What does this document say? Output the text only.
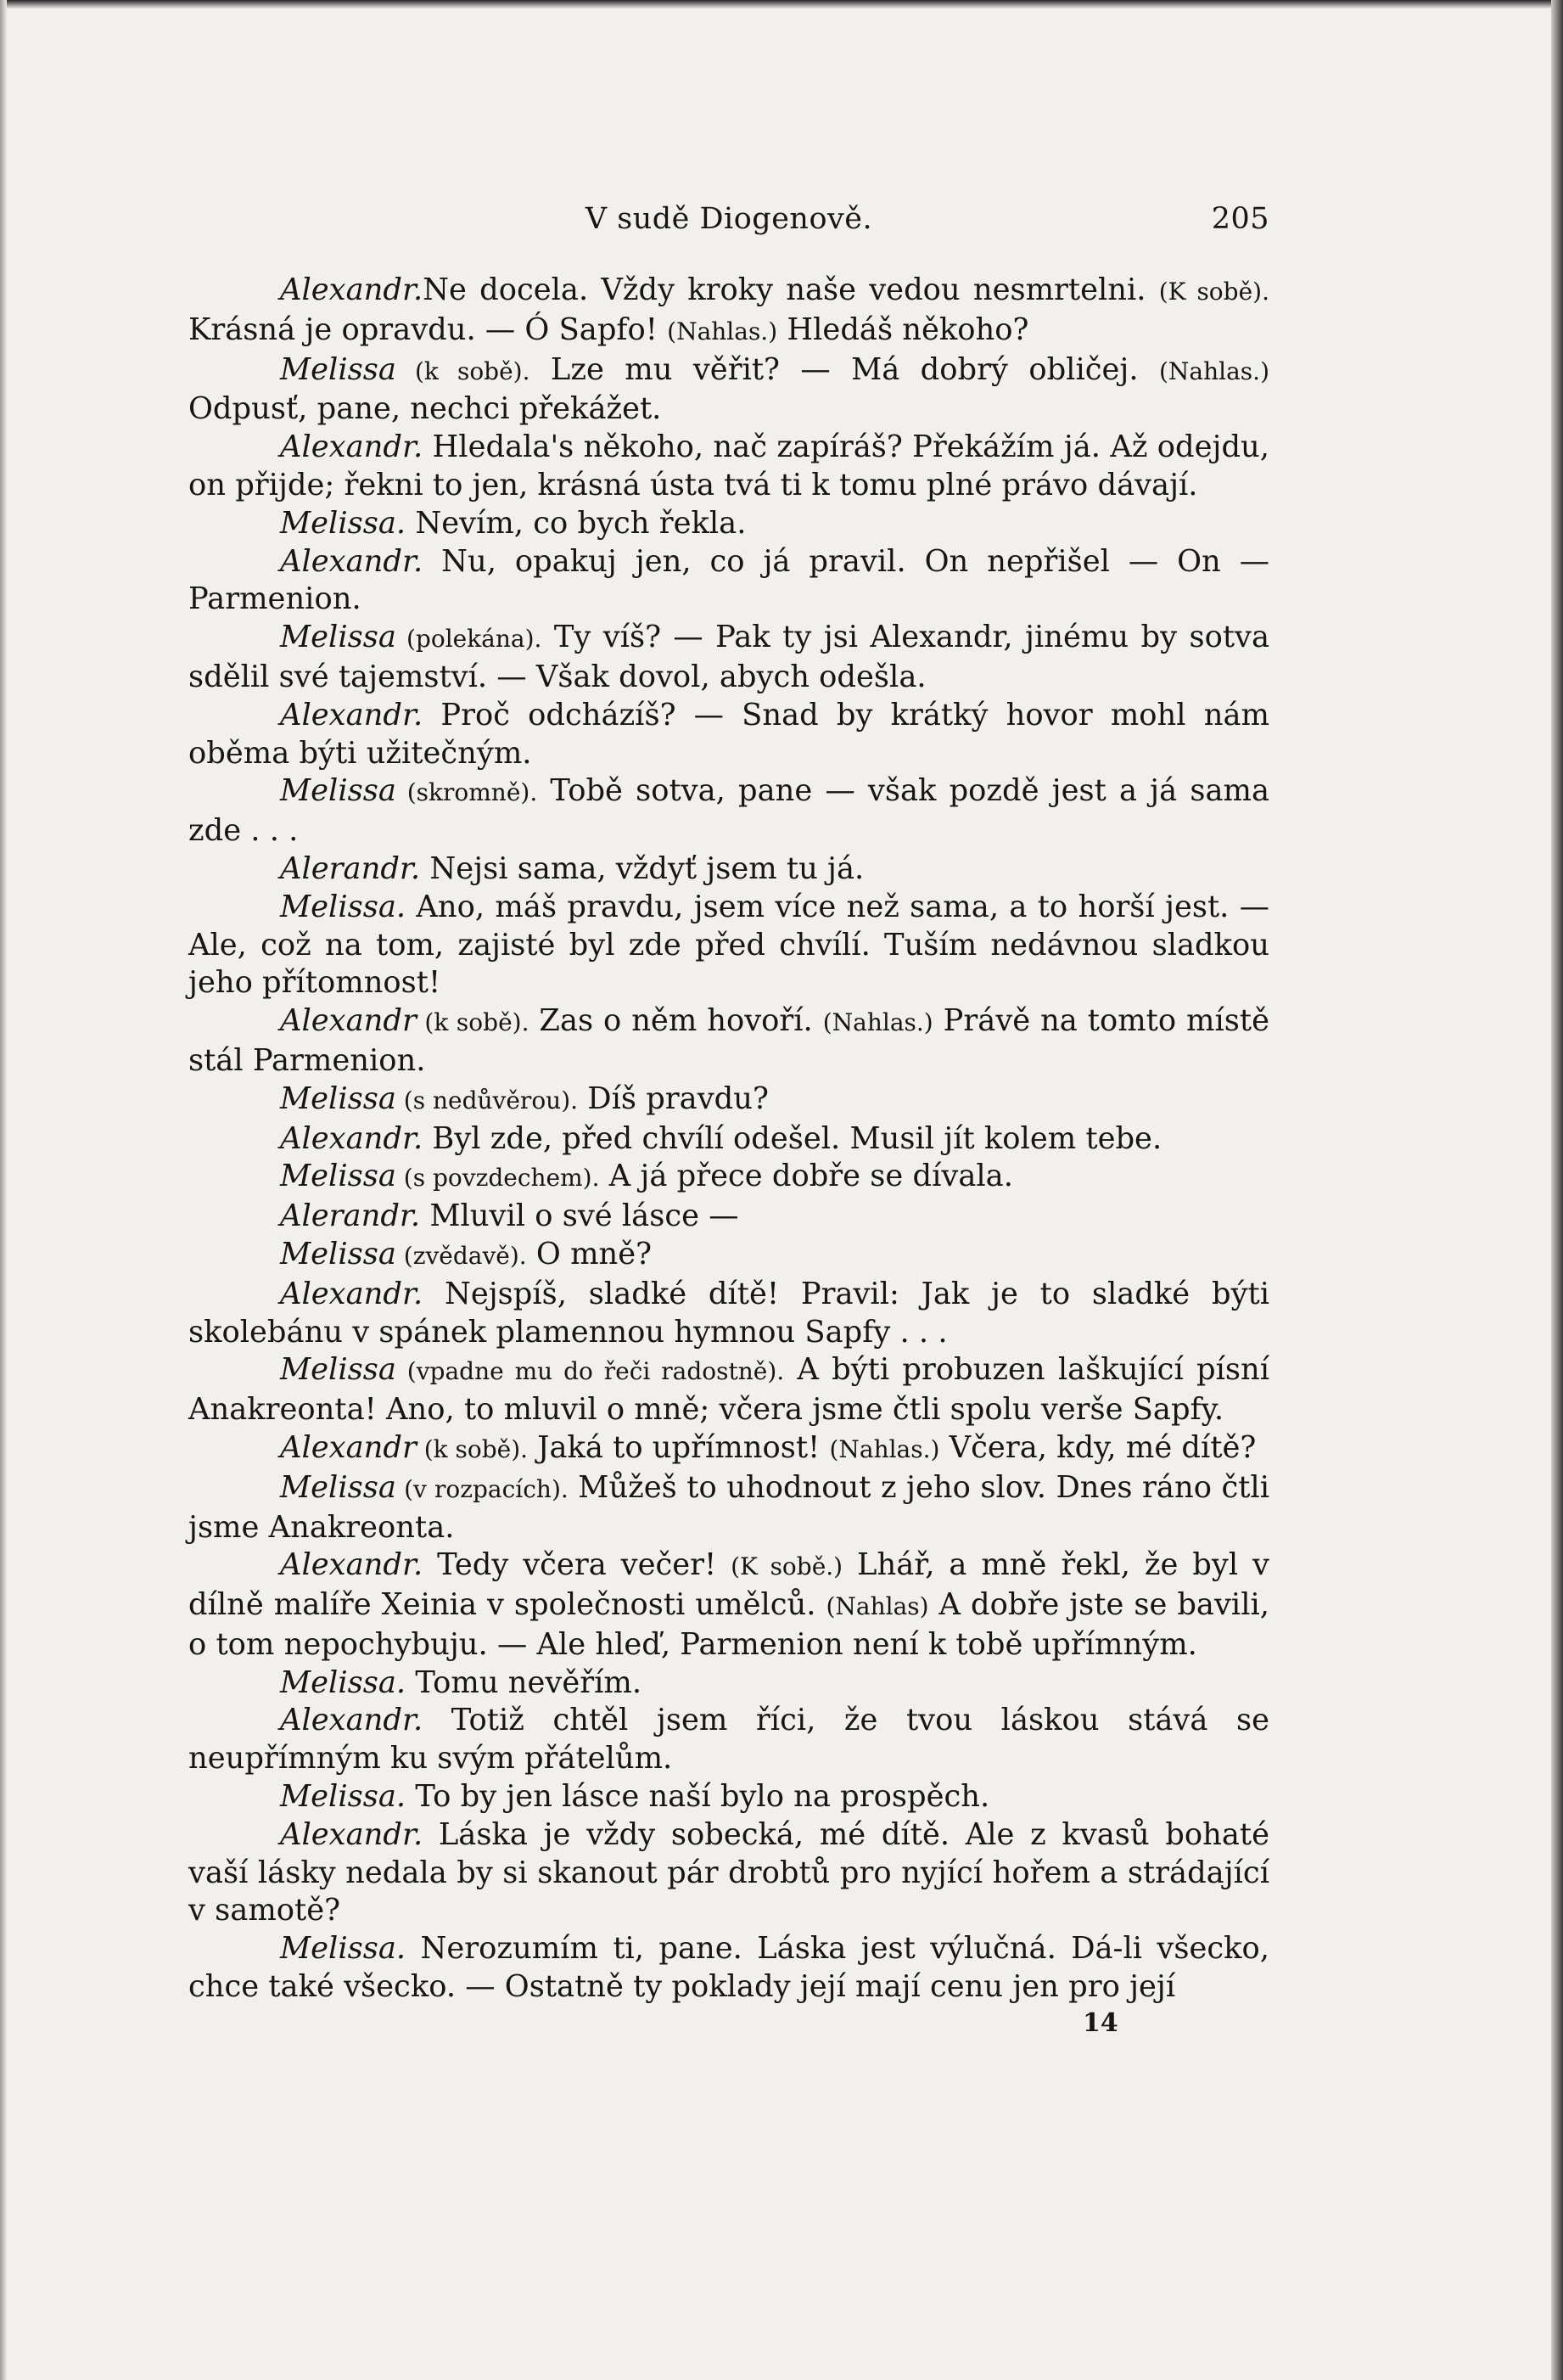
V sudě Diogenově.	205

Alexandr.Ne docela. Vždy kroky naše vedou nesmrtelni. (K sobě). Krásná je opravdu. — Ó Sapfo! (Nahlas.) Hledáš někoho?

Melissa (k sobě). Lze mu věřit? — Má dobrý obličej. (Nahlas.) Odpusť, pane, nechci překážet.

Alexandr. Hledala's někoho, nač zapíráš? Překážím já. Až odejdu, on přijde; řekni to jen, krásná ústa tvá ti k tomu plné právo dávají.

Melissa. Nevím, co bych řekla.

Alexandr. Nu, opakuj jen, co já pravil. On nepřišel — On — Parmenion.

Melissa (polekána). Ty víš? — Pak ty jsi Alexandr, jinému by sotva sdělil své tajemství. — Však dovol, abych odešla.

Alexandr. Proč odcházíš? — Snad by krátký hovor mohl nám oběma býti užitečným.

Melissa (skromně). Tobě sotva, pane — však pozdě jest a já sama zde . . .

Alerandr. Nejsi sama, vždyť jsem tu já.

Melissa. Ano, máš pravdu, jsem více než sama, a to horší jest. — Ale, což na tom, zajisté byl zde před chvílí. Tuším nedávnou sladkou jeho přítomnost!

Alexandr (k sobě). Zas o něm hovoří. (Nahlas.) Právě na tomto místě stál Parmenion.

Melissa (s nedůvěrou). Díš pravdu?

Alexandr. Byl zde, před chvílí odešel. Musil jít kolem tebe.

Melissa (s povzdechem). A já přece dobře se dívala.

Alerandr. Mluvil o své lásce —

Melissa (zvědavě). O mně?

Alexandr. Nejspíš, sladké dítě! Pravil: Jak je to sladké býti skolebánu v spánek plamennou hymnou Sapfy . . .

Melissa (vpadne mu do řeči radostně). A býti probuzen laškující písní Anakreonta! Ano, to mluvil o mně; včera jsme čtli spolu verše Sapfy.

Alexandr (k sobě). Jaká to upřímnost! (Nahlas.) Včera, kdy, mé dítě?

Melissa (v rozpacích). Můžeš to uhodnout z jeho slov. Dnes ráno čtli jsme Anakreonta.

Alexandr. Tedy včera večer! (K sobě.) Lhář, a mně řekl, že byl v dílně malíře Xeinia v společnosti umělců. (Nahlas) A dobře jste se bavili, o tom nepochybuju. — Ale hleď, Parmenion není k tobě upřímným.

Melissa. Tomu nevěřím.

Alexandr. Totiž chtěl jsem říci, že tvou láskou stává se neupřímným ku svým přátelům.

Melissa. To by jen lásce naší bylo na prospěch.

Alexandr. Láska je vždy sobecká, mé dítě. Ale z kvasů bohaté vaší lásky nedala by si skanout pár drobtů pro nyjící hořem a strádající v samotě?

Melissa. Nerozumím ti, pane. Láska jest výlučná. Dá-li všecko, chce také všecko. — Ostatně ty poklady její mají cenu jen pro její

14
